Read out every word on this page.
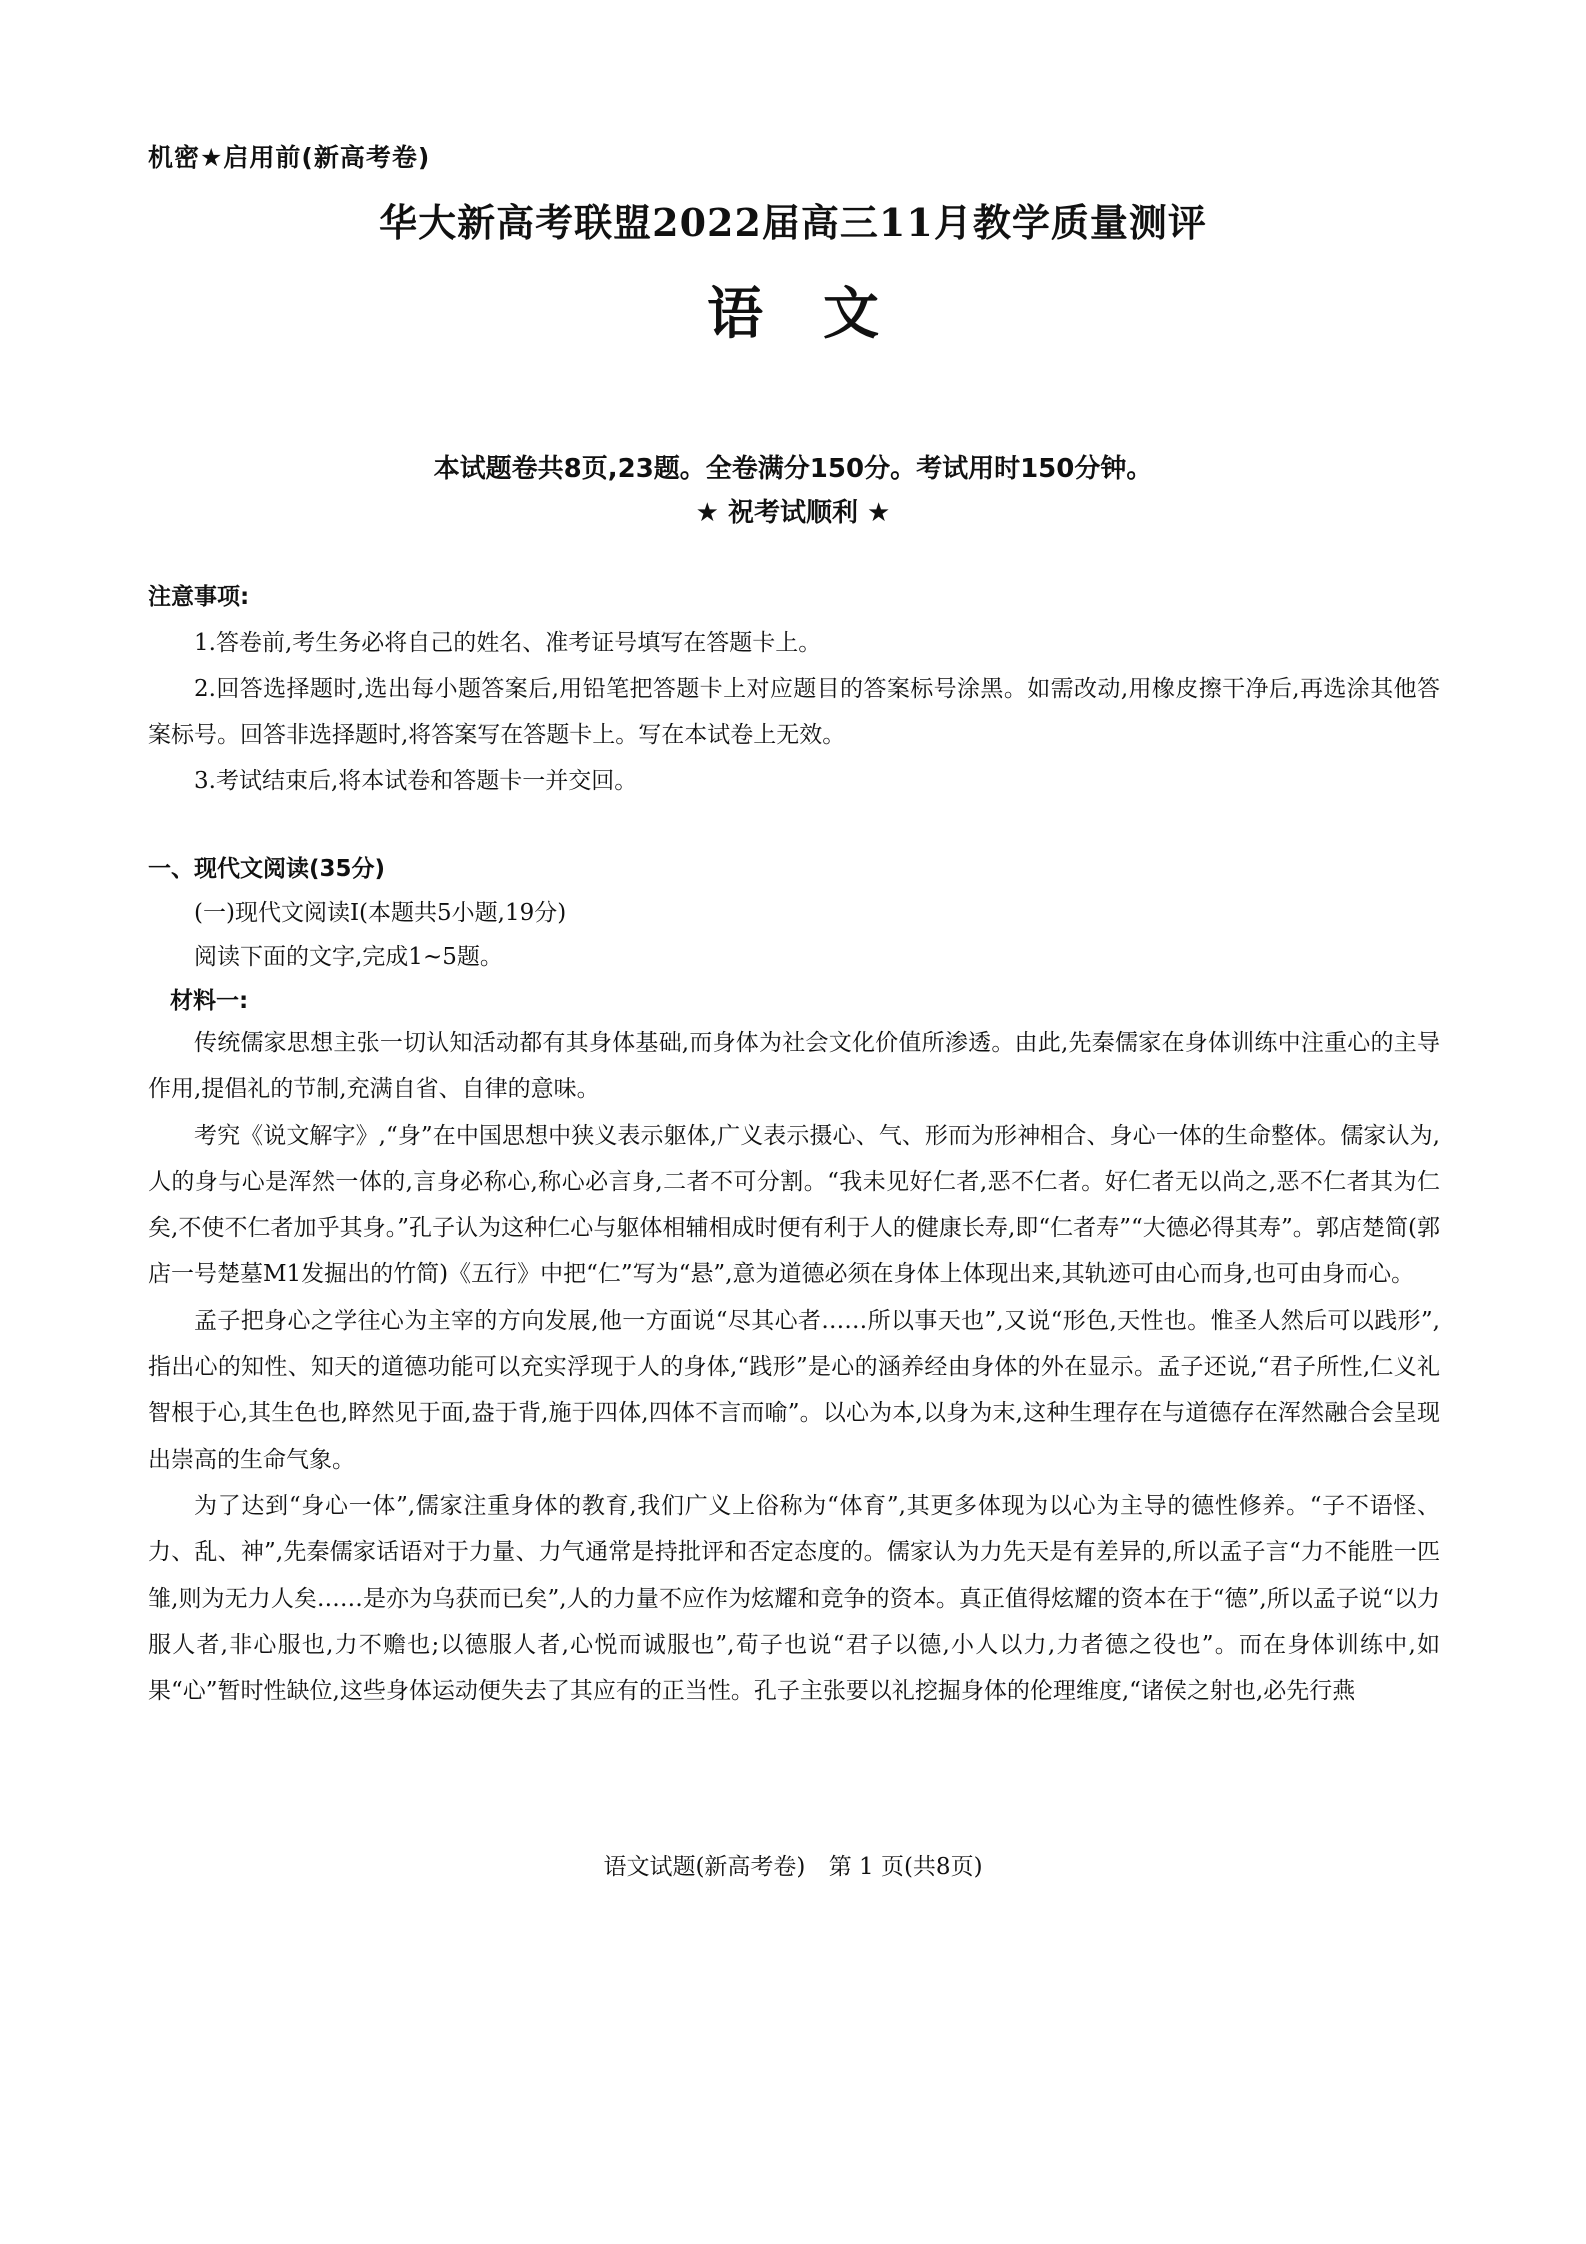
机密★启用前(新高考卷)
华大新高考联盟2022届高三11月教学质量测评
语文
本试题卷共8页,23题。全卷满分150分。考试用时150分钟。
★ 祝考试顺利 ★
注意事项:

1.答卷前,考生务必将自己的姓名、准考证号填写在答题卡上。

2.回答选择题时,选出每小题答案后,用铅笔把答题卡上对应题目的答案标号涂黑。如需改动,用橡皮擦干净后,再选涂其他答案标号。回答非选择题时,将答案写在答题卡上。写在本试卷上无效。

3.考试结束后,将本试卷和答题卡一并交回。

一、现代文阅读(35分)
(一)现代文阅读Ⅰ(本题共5小题,19分)
阅读下面的文字,完成1~5题。
材料一:

传统儒家思想主张一切认知活动都有其身体基础,而身体为社会文化价值所渗透。由此,先秦儒家在身体训练中注重心的主导作用,提倡礼的节制,充满自省、自律的意味。

考究《说文解字》,“身”在中国思想中狭义表示躯体,广义表示摄心、气、形而为形神相合、身心一体的生命整体。儒家认为,人的身与心是浑然一体的,言身必称心,称心必言身,二者不可分割。“我未见好仁者,恶不仁者。好仁者无以尚之,恶不仁者其为仁矣,不使不仁者加乎其身。”孔子认为这种仁心与躯体相辅相成时便有利于人的健康长寿,即“仁者寿”“大德必得其寿”。郭店楚简(郭店一号楚墓M1发掘出的竹简)《五行》中把“仁”写为“悬”,意为道德必须在身体上体现出来,其轨迹可由心而身,也可由身而心。

孟子把身心之学往心为主宰的方向发展,他一方面说“尽其心者……所以事天也”,又说“形色,天性也。惟圣人然后可以践形”,指出心的知性、知天的道德功能可以充实浮现于人的身体,“践形”是心的涵养经由身体的外在显示。孟子还说,“君子所性,仁义礼智根于心,其生色也,睟然见于面,盎于背,施于四体,四体不言而喻”。以心为本,以身为末,这种生理存在与道德存在浑然融合会呈现出崇高的生命气象。

为了达到“身心一体”,儒家注重身体的教育,我们广义上俗称为“体育”,其更多体现为以心为主导的德性修养。“子不语怪、力、乱、神”,先秦儒家话语对于力量、力气通常是持批评和否定态度的。儒家认为力先天是有差异的,所以孟子言“力不能胜一匹雏,则为无力人矣……是亦为乌获而已矣”,人的力量不应作为炫耀和竞争的资本。真正值得炫耀的资本在于“德”,所以孟子说“以力服人者,非心服也,力不赡也;以德服人者,心悦而诚服也”,荀子也说“君子以德,小人以力,力者德之役也”。而在身体训练中,如果“心”暂时性缺位,这些身体运动便失去了其应有的正当性。孔子主张要以礼挖掘身体的伦理维度,“诸侯之射也,必先行燕

语文试题(新高考卷) 第 1 页(共8页)
